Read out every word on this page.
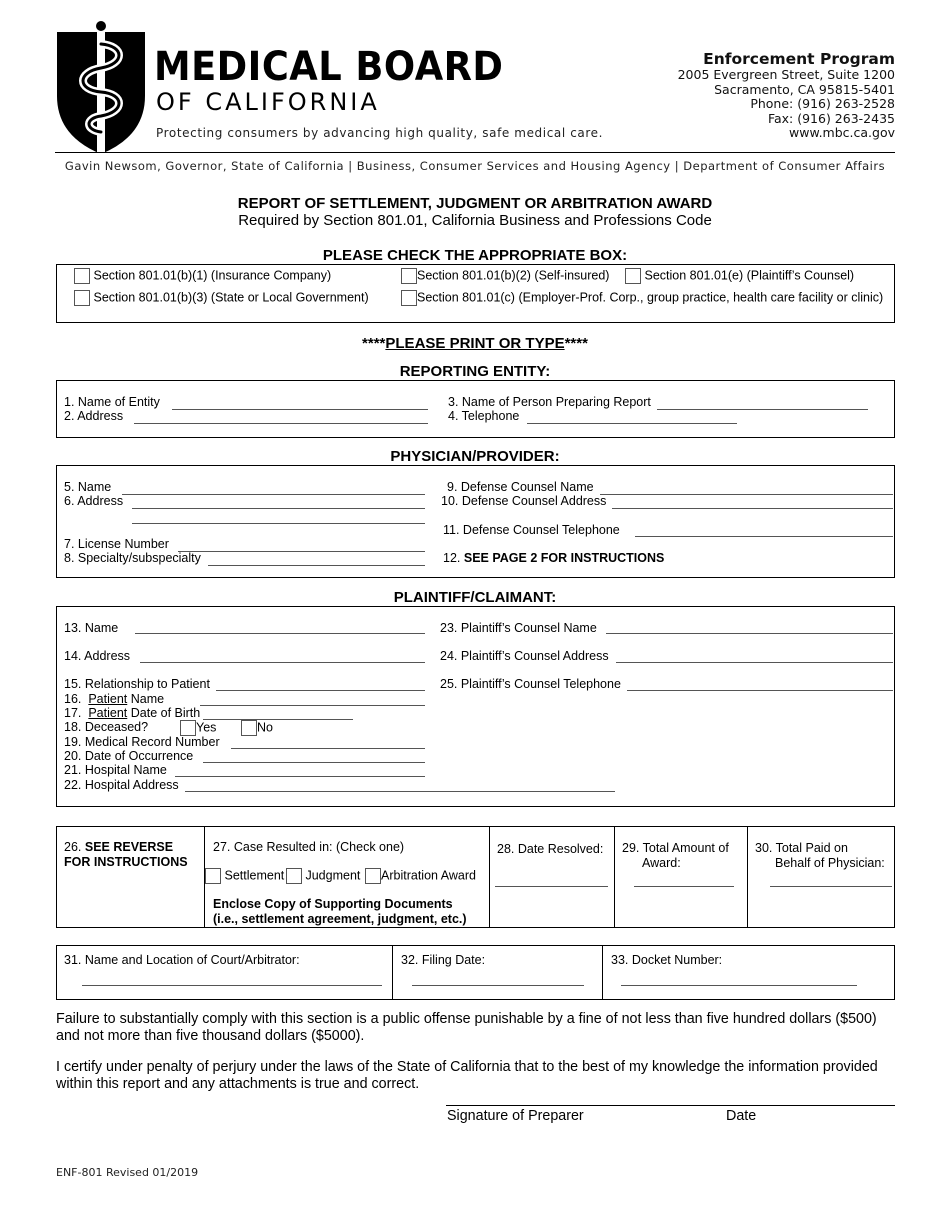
MEDICAL BOARD
OF CALIFORNIA
Protecting consumers by advancing high quality, safe medical care.
Enforcement Program
2005 Evergreen Street, Suite 1200
Sacramento, CA 95815-5401
Phone: (916) 263-2528
Fax: (916) 263-2435
www.mbc.ca.gov
Gavin Newsom, Governor, State of California | Business, Consumer Services and Housing Agency | Department of Consumer Affairs
REPORT OF SETTLEMENT, JUDGMENT OR ARBITRATION AWARD
Required by Section 801.01, California Business and Professions Code
PLEASE CHECK THE APPROPRIATE BOX:
Section 801.01(b)(1) (Insurance Company)	Section 801.01(b)(2) (Self-insured)	Section 801.01(e) (Plaintiff’s Counsel)
Section 801.01(b)(3) (State or Local Government)	Section 801.01(c) (Employer-Prof. Corp., group practice, health care facility or clinic)
****PLEASE PRINT OR TYPE****
REPORTING ENTITY:
1. Name of Entity
2. Address
3. Name of Person Preparing Report
4. Telephone
PHYSICIAN/PROVIDER:
5. Name
6. Address
7. License Number
8. Specialty/subspecialty
9. Defense Counsel Name
10. Defense Counsel Address
11. Defense Counsel Telephone
12. SEE PAGE 2 FOR INSTRUCTIONS
PLAINTIFF/CLAIMANT:
13. Name
14. Address
15. Relationship to Patient
16. Patient Name
17. Patient Date of Birth
18. Deceased?	Yes	No
19. Medical Record Number
20. Date of Occurrence
21. Hospital Name
22. Hospital Address
23. Plaintiff’s Counsel Name
24. Plaintiff’s Counsel Address
25. Plaintiff’s Counsel Telephone
26. SEE REVERSE
FOR INSTRUCTIONS
27. Case Resulted in: (Check one)
Settlement	Judgment	Arbitration Award
Enclose Copy of Supporting Documents
(i.e., settlement agreement, judgment, etc.)
28. Date Resolved: 29. Total Amount of
Award:
30. Total Paid on
Behalf of Physician:
31. Name and Location of Court/Arbitrator:	32. Filing Date:	33. Docket Number:
Failure to substantially comply with this section is a public offense punishable by a fine of not less than five hundred dollars ($500) and not more than five thousand dollars ($5000).
I certify under penalty of perjury under the laws of the State of California that to the best of my knowledge the information provided within this report and any attachments is true and correct.
Signature of Preparer	Date
ENF-801 Revised 01/2019
